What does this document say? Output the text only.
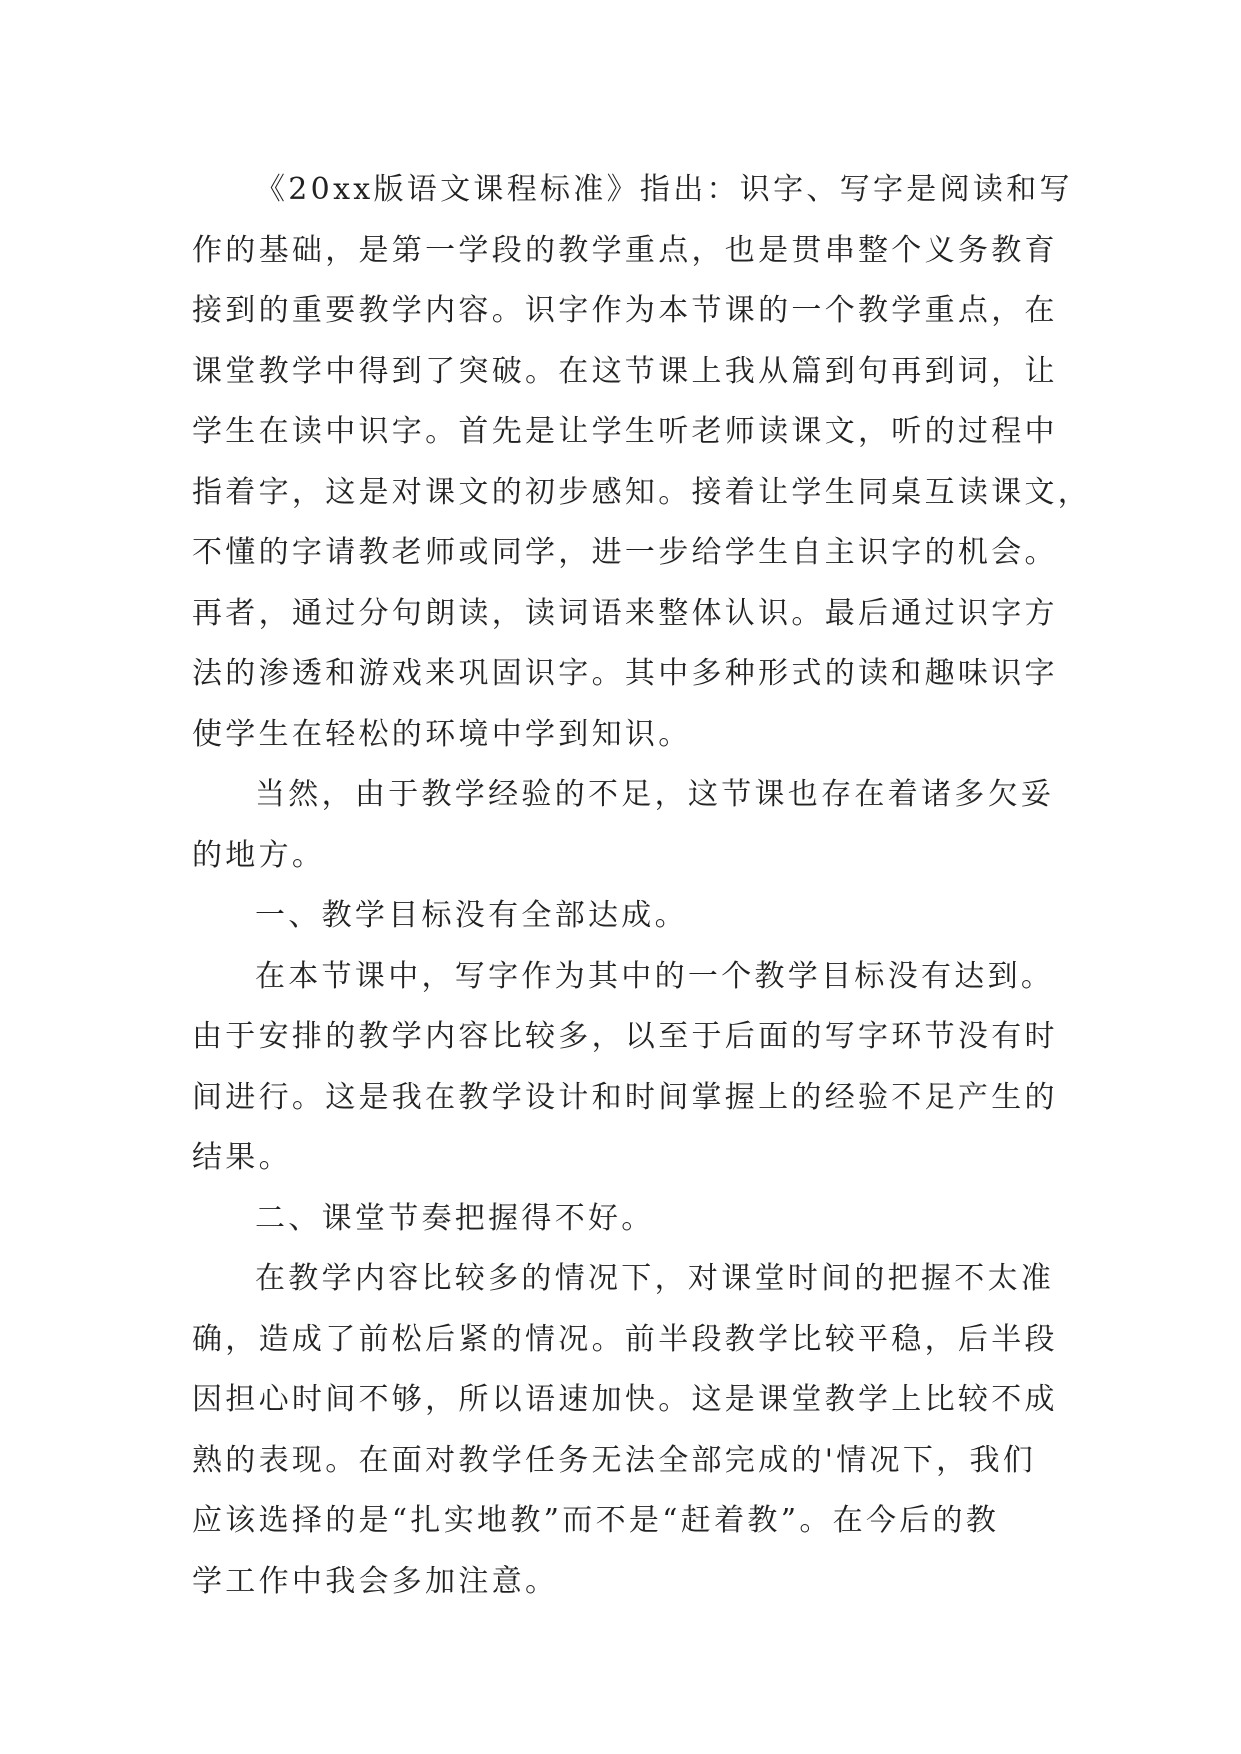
《20xx版语文课程标准》指出：识字、写字是阅读和写
作的基础，是第一学段的教学重点，也是贯串整个义务教育
接到的重要教学内容。识字作为本节课的一个教学重点，在
课堂教学中得到了突破。在这节课上我从篇到句再到词，让
学生在读中识字。首先是让学生听老师读课文，听的过程中
指着字，这是对课文的初步感知。接着让学生同桌互读课文，
不懂的字请教老师或同学，进一步给学生自主识字的机会。
再者，通过分句朗读，读词语来整体认识。最后通过识字方
法的渗透和游戏来巩固识字。其中多种形式的读和趣味识字
使学生在轻松的环境中学到知识。
当然，由于教学经验的不足，这节课也存在着诸多欠妥
的地方。
一、教学目标没有全部达成。
在本节课中，写字作为其中的一个教学目标没有达到。
由于安排的教学内容比较多，以至于后面的写字环节没有时
间进行。这是我在教学设计和时间掌握上的经验不足产生的
结果。
二、课堂节奏把握得不好。
在教学内容比较多的情况下，对课堂时间的把握不太准
确，造成了前松后紧的情况。前半段教学比较平稳，后半段
因担心时间不够，所以语速加快。这是课堂教学上比较不成
熟的表现。在面对教学任务无法全部完成的'情况下，我们
应该选择的是“扎实地教”而不是“赶着教”。在今后的教
学工作中我会多加注意。
